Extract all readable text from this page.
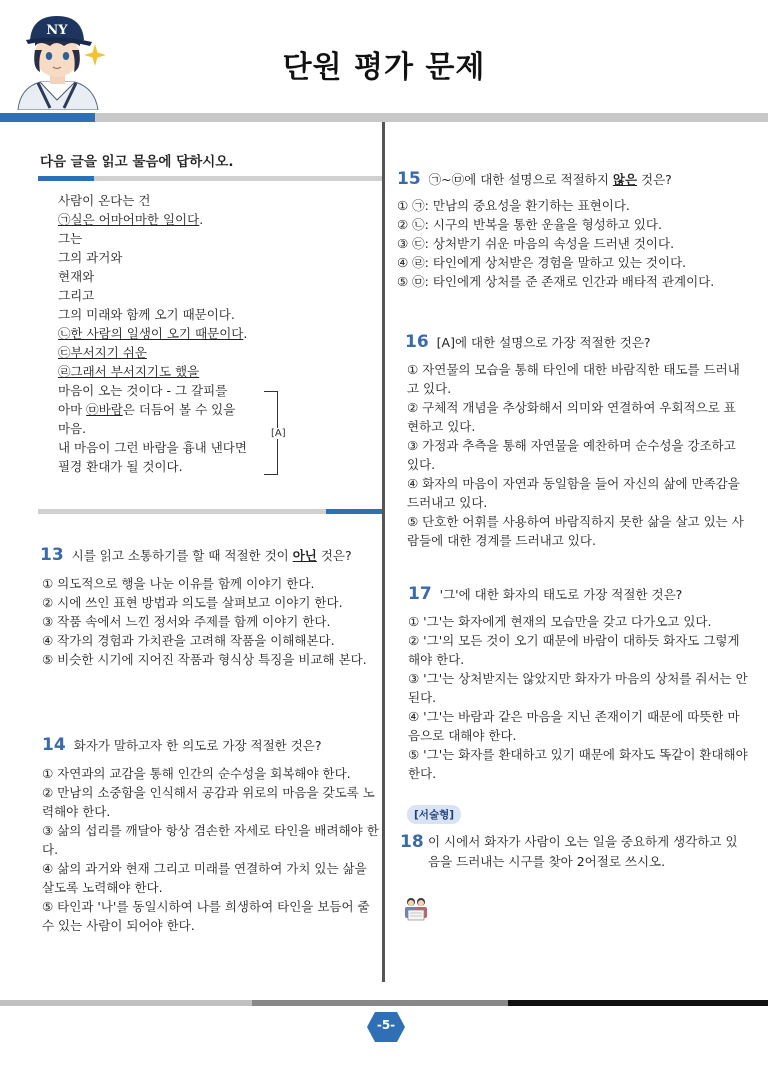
NY
단원 평가 문제
다음 글을 읽고 물음에 답하시오.
사람이 온다는 건
㉠실은 어마어마한 일이다.
그는
그의 과거와
현재와
그리고
그의 미래와 함께 오기 때문이다.
㉡한 사람의 일생이 오기 때문이다.
㉢부서지기 쉬운
㉣그래서 부서지기도 했을
마음이 오는 것이다 - 그 갈피를
아마 ㉤바람은 더듬어 볼 수 있을
마음.
내 마음이 그런 바람을 흉내 낸다면
필경 환대가 될 것이다.
[A]
13 시를 읽고 소통하기를 할 때 적절한 것이 아닌 것은?
① 의도적으로 행을 나눈 이유를 함께 이야기 한다.
② 시에 쓰인 표현 방법과 의도를 살펴보고 이야기 한다.
③ 작품 속에서 느낀 정서와 주제를 함께 이야기 한다.
④ 작가의 경험과 가치관을 고려해 작품을 이해해본다.
⑤ 비슷한 시기에 지어진 작품과 형식상 특징을 비교해 본다.
14 화자가 말하고자 한 의도로 가장 적절한 것은?
① 자연과의 교감을 통해 인간의 순수성을 회복해야 한다.
② 만남의 소중함을 인식해서 공감과 위로의 마음을 갖도록 노력해야 한다.
③ 삶의 섭리를 깨달아 항상 겸손한 자세로 타인을 배려해야 한다.
④ 삶의 과거와 현재 그리고 미래를 연결하여 가치 있는 삶을 살도록 노력해야 한다.
⑤ 타인과 '나'를 동일시하여 나를 희생하여 타인을 보듬어 줄 수 있는 사람이 되어야 한다.
15 ㉠~㉤에 대한 설명으로 적절하지 않은 것은?
① ㉠: 만남의 중요성을 환기하는 표현이다.
② ㉡: 시구의 반복을 통한 운율을 형성하고 있다.
③ ㉢: 상처받기 쉬운 마음의 속성을 드러낸 것이다.
④ ㉣: 타인에게 상처받은 경험을 말하고 있는 것이다.
⑤ ㉤: 타인에게 상처를 준 존재로 인간과 배타적 관계이다.
16 [A]에 대한 설명으로 가장 적절한 것은?
① 자연물의 모습을 통해 타인에 대한 바람직한 태도를 드러내고 있다.
② 구체적 개념을 추상화해서 의미와 연결하여 우회적으로 표현하고 있다.
③ 가정과 추측을 통해 자연물을 예찬하며 순수성을 강조하고 있다.
④ 화자의 마음이 자연과 동일함을 들어 자신의 삶에 만족감을 드러내고 있다.
⑤ 단호한 어휘를 사용하여 바람직하지 못한 삶을 살고 있는 사람들에 대한 경계를 드러내고 있다.
17 '그'에 대한 화자의 태도로 가장 적절한 것은?
① '그'는 화자에게 현재의 모습만을 갖고 다가오고 있다.
② '그'의 모든 것이 오기 때문에 바람이 대하듯 화자도 그렇게 해야 한다.
③ '그'는 상처받지는 않았지만 화자가 마음의 상처를 줘서는 안 된다.
④ '그'는 바람과 같은 마음을 지닌 존재이기 때문에 따뜻한 마음으로 대해야 한다.
⑤ '그'는 화자를 환대하고 있기 때문에 화자도 똑같이 환대해야 한다.
[서술형]
18 이 시에서 화자가 사람이 오는 일을 중요하게 생각하고 있음을 드러내는 시구를 찾아 2어절로 쓰시오.
-5-
